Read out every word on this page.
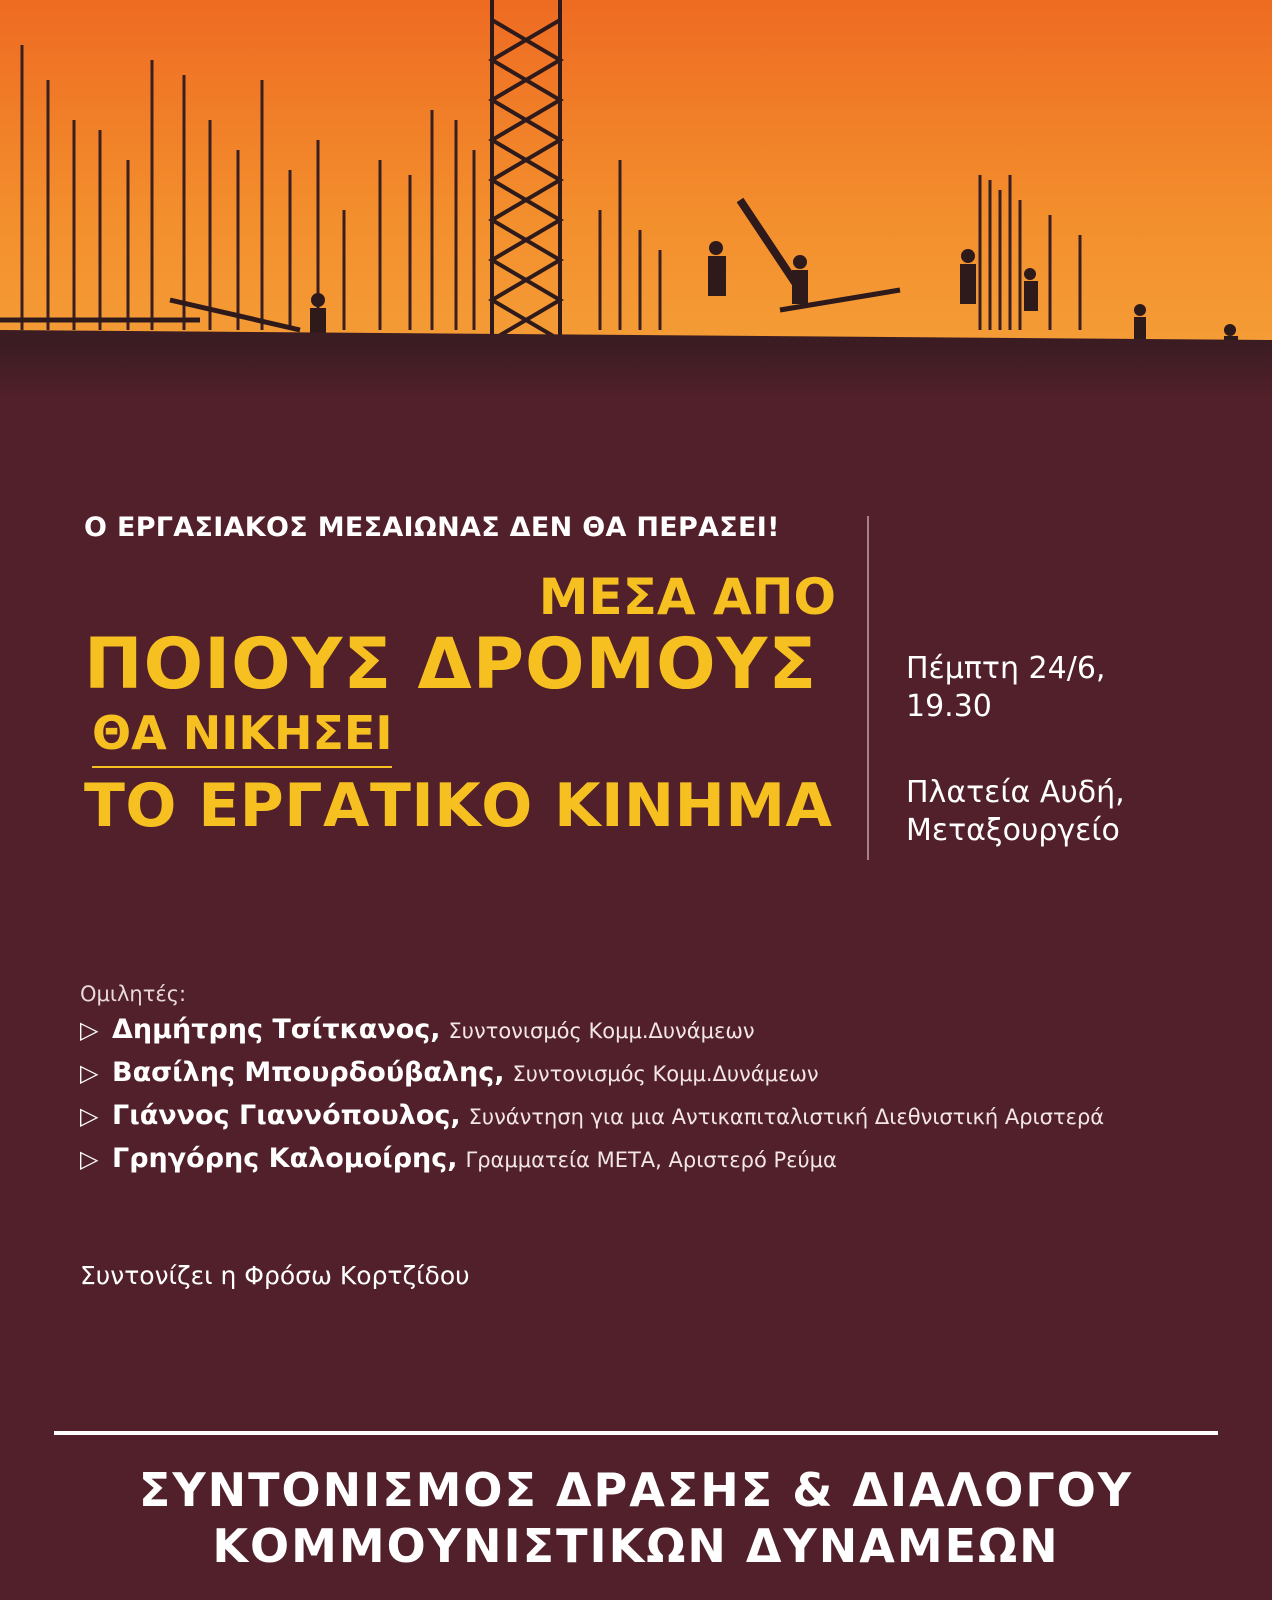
Ο ΕΡΓΑΣΙΑΚΟΣ ΜΕΣΑΙΩΝΑΣ ΔΕΝ ΘΑ ΠΕΡΑΣΕΙ!
ΜΕΣΑ ΑΠΟ
ΠΟΙΟΥΣ ΔΡΟΜΟΥΣ
ΘΑ ΝΙΚΗΣΕΙ
ΤΟ ΕΡΓΑΤΙΚΟ ΚΙΝΗΜΑ
Πέμπτη 24/6,
19.30
Πλατεία Αυδή,
Μεταξουργείο
Ομιλητές:
▷ Δημήτρης Τσίτκανος, Συντονισμός Κομμ.Δυνάμεων
▷ Βασίλης Μπουρδούβαλης, Συντονισμός Κομμ.Δυνάμεων
▷ Γιάννος Γιαννόπουλος, Συνάντηση για μια Αντικαπιταλιστική Διεθνιστική Αριστερά
▷ Γρηγόρης Καλομοίρης, Γραμματεία ΜΕΤΑ, Αριστερό Ρεύμα
Συντονίζει η Φρόσω Κορτζίδου
ΣΥΝΤΟΝΙΣΜΟΣ ΔΡΑΣΗΣ & ΔΙΑΛΟΓΟΥ
ΚΟΜΜΟΥΝΙΣΤΙΚΩΝ ΔΥΝΑΜΕΩΝ
